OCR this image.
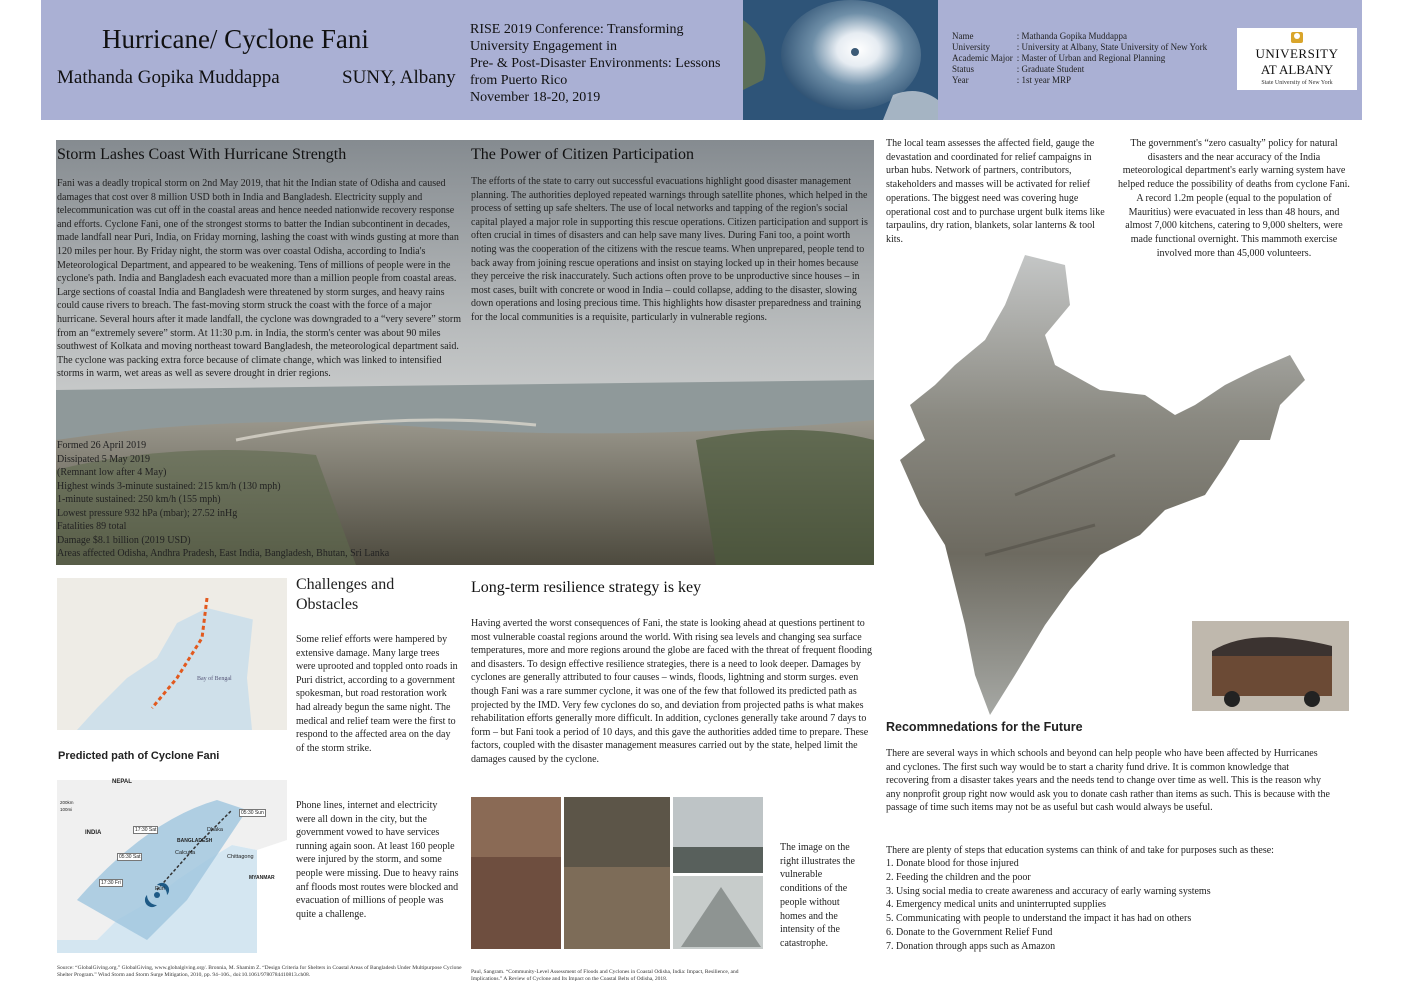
Hurricane/ Cyclone Fani
Mathanda Gopika Muddappa	SUNY, Albany
RISE 2019 Conference: Transforming
University Engagement in
Pre- & Post-Disaster Environments: Lessons
from Puerto Rico
November 18-20, 2019
Name	: Mathanda Gopika Muddappa
University	: University at Albany, State University of New York
Academic Major	: Master of Urban and Regional Planning
Status	: Graduate Student
Year	: 1st year MRP
UNIVERSITY
AT ALBANY
State University of New York
Storm Lashes Coast With Hurricane Strength
Fani was a deadly tropical storm on 2nd May 2019, that hit the Indian state of Odisha and caused damages that cost over 8 million USD both in India and Bangladesh. Electricity supply and telecommunication was cut off in the coastal areas and hence needed nationwide recovery response and efforts. Cyclone Fani, one of the strongest storms to batter the Indian subcontinent in decades, made landfall near Puri, India, on Friday morning, lashing the coast with winds gusting at more than 120 miles per hour. By Friday night, the storm was over coastal Odisha, according to India's Meteorological Department, and appeared to be weakening. Tens of millions of people were in the cyclone's path. India and Bangladesh each evacuated more than a million people from coastal areas. Large sections of coastal India and Bangladesh were threatened by storm surges, and heavy rains could cause rivers to breach. The fast-moving storm struck the coast with the force of a major hurricane. Several hours after it made landfall, the cyclone was downgraded to a “very severe” storm from an “extremely severe” storm. At 11:30 p.m. in India, the storm's center was about 90 miles southwest of Kolkata and moving northeast toward Bangladesh, the meteorological department said. The cyclone was packing extra force because of climate change, which was linked to intensified storms in warm, wet areas as well as severe drought in drier regions.
Formed 26 April 2019
Dissipated 5 May 2019
(Remnant low after 4 May)
Highest winds 3-minute sustained: 215 km/h (130 mph)
1-minute sustained: 250 km/h (155 mph)
Lowest pressure 932 hPa (mbar); 27.52 inHg
Fatalities 89 total
Damage $8.1 billion (2019 USD)
Areas affected Odisha, Andhra Pradesh, East India, Bangladesh, Bhutan, Sri Lanka
The Power of Citizen Participation
The efforts of the state to carry out successful evacuations highlight good disaster management planning. The authorities deployed repeated warnings through satellite phones, which helped in the process of setting up safe shelters. The use of local networks and tapping of the region's social capital played a major role in supporting this rescue operations. Citizen participation and support is often crucial in times of disasters and can help save many lives. During Fani too, a point worth noting was the cooperation of the citizens with the rescue teams. When unprepared, people tend to back away from joining rescue operations and insist on staying locked up in their homes because they perceive the risk inaccurately. Such actions often prove to be unproductive since houses – in most cases, built with concrete or wood in India – could collapse, adding to the disaster, slowing down operations and losing precious time. This highlights how disaster preparedness and training for the local communities is a requisite, particularly in vulnerable regions.
The local team assesses the affected field, gauge the devastation and coordinated for relief campaigns in urban hubs. Network of partners, contributors, stakeholders and masses will be activated for relief operations. The biggest need was covering huge operational cost and to purchase urgent bulk items like tarpaulins, dry ration, blankets, solar lanterns & tool kits.
The government's “zero casualty” policy for natural disasters and the near accuracy of the India meteorological department's early warning system have helped reduce the possibility of deaths from cyclone Fani. A record 1.2m people (equal to the population of Mauritius) were evacuated in less than 48 hours, and almost 7,000 kitchens, catering to 9,000 shelters, were made functional overnight. This mammoth exercise involved more than 45,000 volunteers.
Bay of Bengal
NEPAL
INDIA
BANGLADESH
MYANMAR
Dhaka
Calcutta
Chittagong
Puri
05:30 Sun
17:30 Sat
05:30 Sat
17:30 Fri
200km
100mi
Predicted path of Cyclone Fani
Challenges and Obstacles
Some relief efforts were hampered by extensive damage. Many large trees were uprooted and toppled onto roads in Puri district, according to a government spokesman, but road restoration work had already begun the same night. The medical and relief team were the first to respond to the affected area on the day of the storm strike.
Phone lines, internet and electricity were all down in the city, but the government vowed to have services running again soon. At least 160 people were injured by the storm, and some people were missing. Due to heavy rains anf floods most routes were blocked and evacuation of millions of people was quite a challenge.
Long-term resilience strategy is key
Having averted the worst consequences of Fani, the state is looking ahead at questions pertinent to most vulnerable coastal regions around the world. With rising sea levels and changing sea surface temperatures, more and more regions around the globe are faced with the threat of frequent flooding and disasters. To design effective resilience strategies, there is a need to look deeper. Damages by cyclones are generally attributed to four causes – winds, floods, lightning and storm surges. even though Fani was a rare summer cyclone, it was one of the few that followed its predicted path as projected by the IMD. Very few cyclones do so, and deviation from projected paths is what makes rehabilitation efforts generally more difficult. In addition, cyclones generally take around 7 days to form – but Fani took a period of 10 days, and this gave the authorities added time to prepare. These factors, coupled with the disaster management measures carried out by the state, helped limit the damages caused by the cyclone.
The image on the right illustrates the vulnerable conditions of the people without homes and the intensity of the catastrophe.
Recommnedations for the Future
There are several ways in which schools and beyond can help people who have been affected by Hurricanes and cyclones. The first such way would be to start a charity fund drive. It is common knowledge that recovering from a disaster takes years and the needs tend to change over time as well. This is the reason why any nonprofit group right now would ask you to donate cash rather than items as such. This is because with the passage of time such items may not be as useful but cash would always be useful.
There are plenty of steps that education systems can think of and take for purposes such as these:
1. Donate blood for those injured
2. Feeding the children and the poor
3. Using social media to create awareness and accuracy of early warning systems
4. Emergency medical units and uninterrupted supplies
5. Communicating with people to understand the impact it has had on others
6. Donate to the Government Relief Fund
7. Donation through apps such as Amazon
Source: “GlobalGiving.org.” GlobalGiving, www.globalgiving.org/. Bronnia, M. Shamim Z. “Design Criteria for Shelters in Coastal Areas of Bangladesh Under Multipurpose Cyclone Shelter Program.” Wind Storm and Storm Surge Mitigation, 2010, pp. 94–106., doi:10.1061/9780784410813.ch08.	Paul, Sangram. “Community-Level Assessment of Floods and Cyclones in Coastal Odisha, India: Impact, Resilience, and Implications.” A Review of Cyclone and Its Impact on the Coastal Belts of Odisha, 2018.
